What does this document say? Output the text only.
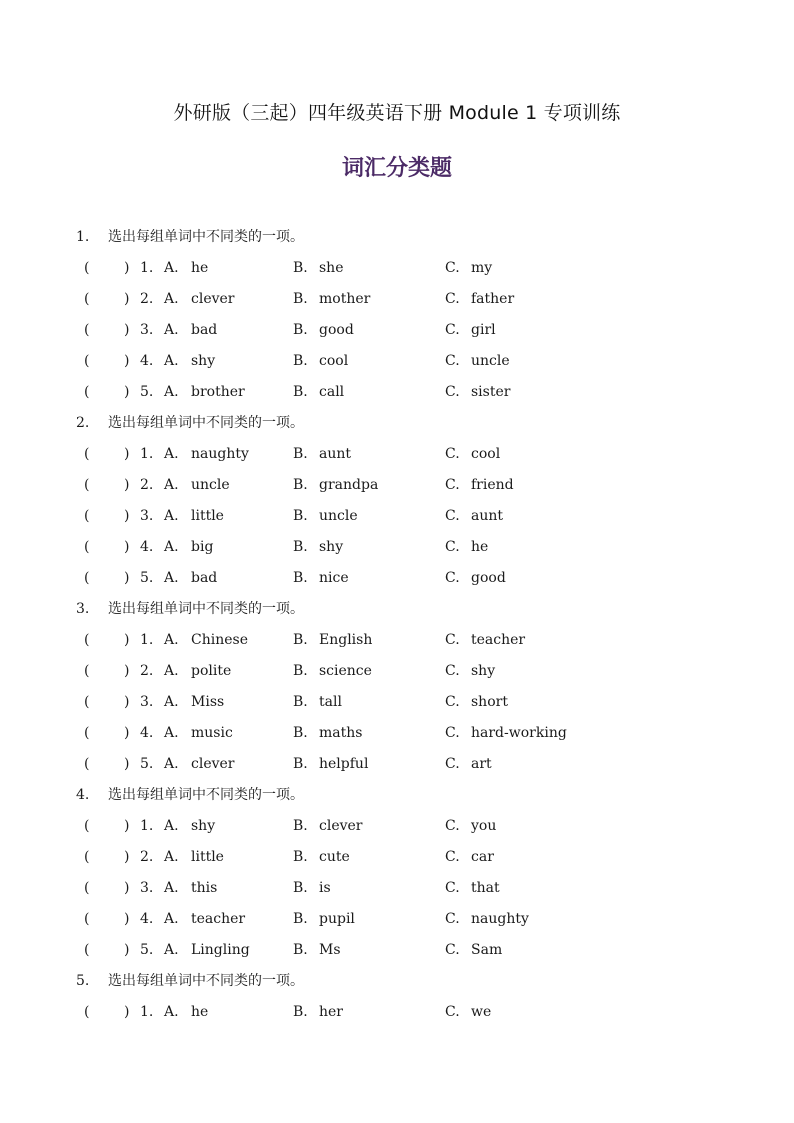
外研版（三起）四年级英语下册 Module 1 专项训练
词汇分类题
1. 选出每组单词中不同类的一项。
( ) 1. A. he	B. she	C. my
( ) 2. A. clever	B. mother	C. father
( ) 3. A. bad	B. good	C. girl
( ) 4. A. shy	B. cool	C. uncle
( ) 5. A. brother	B. call	C. sister
2. 选出每组单词中不同类的一项。
( ) 1. A. naughty	B. aunt	C. cool
( ) 2. A. uncle	B. grandpa	C. friend
( ) 3. A. little	B. uncle	C. aunt
( ) 4. A. big	B. shy	C. he
( ) 5. A. bad	B. nice	C. good
3. 选出每组单词中不同类的一项。
( ) 1. A. Chinese	B. English	C. teacher
( ) 2. A. polite	B. science	C. shy
( ) 3. A. Miss	B. tall	C. short
( ) 4. A. music	B. maths	C. hard-working
( ) 5. A. clever	B. helpful	C. art
4. 选出每组单词中不同类的一项。
( ) 1. A. shy	B. clever	C. you
( ) 2. A. little	B. cute	C. car
( ) 3. A. this	B. is	C. that
( ) 4. A. teacher	B. pupil	C. naughty
( ) 5. A. Lingling	B. Ms	C. Sam
5. 选出每组单词中不同类的一项。
( ) 1. A. he	B. her	C. we
